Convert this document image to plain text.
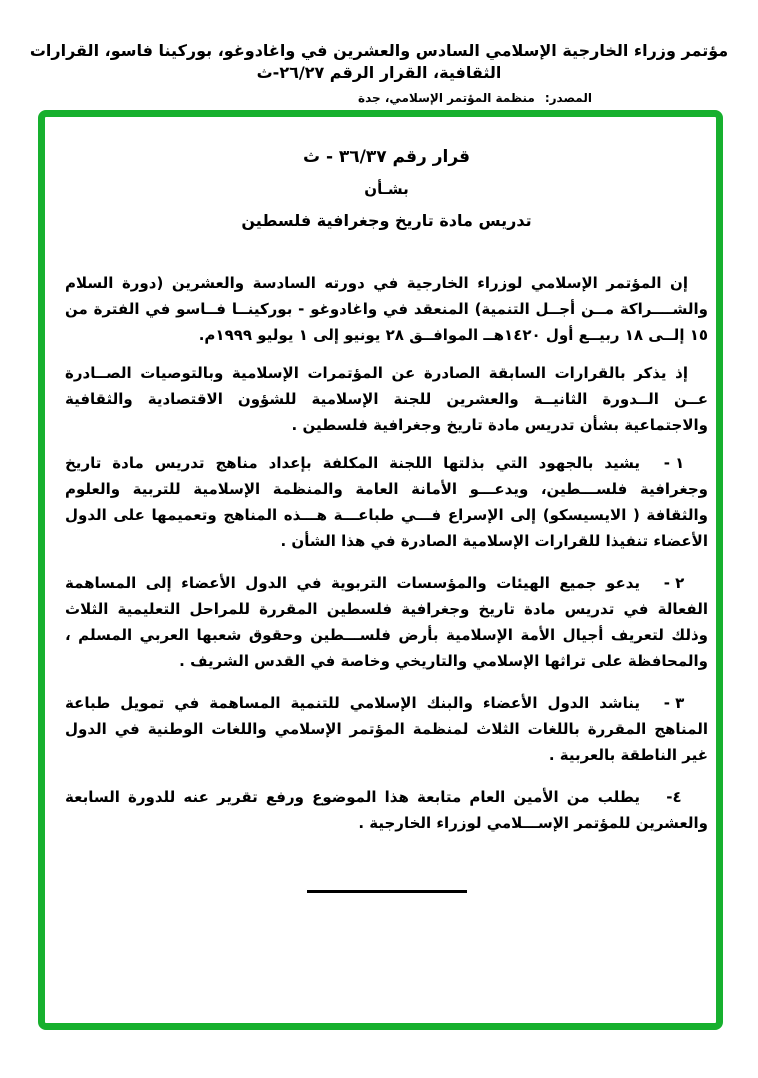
مؤتمر وزراء الخارجية الإسلامي السادس والعشرين في واغادوغو، بوركينا فاسو، القرارات الثقافية، القرار الرقم ٢٦/٢٧-ث
المصدر:منظمة المؤتمر الإسلامي، جدة
قرار رقم ٣٦/٣٧ - ث
بشـأن
تدريس مادة تاريخ وجغرافية فلسطين

إن المؤتمر الإسلامي لوزراء الخارجية في دورته السادسة والعشرين (دورة السلام والشــــراكة مــن أجــل التنمية) المنعقد في واغادوغو - بوركينــا فــاسو في الفترة من ١٥ إلــى ١٨ ربيــع أول ١٤٢٠هــ الموافــق ٢٨ يونيو إلى ١ يوليو ١٩٩٩م.

إذ يذكر بالقرارات السابقة الصادرة عن المؤتمرات الإسلامية وبالتوصيات الصــادرة عــن الــدورة الثانيــة والعشرين للجنة الإسلامية للشؤون الاقتصادية والثقافية والاجتماعية بشأن تدريس مادة تاريخ وجغرافية فلسطين .

١ -يشيد بالجهود التي بذلتها اللجنة المكلفة بإعداد مناهج تدريس مادة تاريخ وجغرافية فلســـطين، ويدعـــو الأمانة العامة والمنظمة الإسلامية للتربية والعلوم والثقافة ( الايسيسكو) إلى الإسراع فـــي طباعـــة هـــذه المناهج وتعميمها على الدول الأعضاء تنفيذا للقرارات الإسلامية الصادرة في هذا الشأن .
٢ -يدعو جميع الهيئات والمؤسسات التربوية في الدول الأعضاء إلى المساهمة الفعالة في تدريس مادة تاريخ وجغرافية فلسطين المقررة للمراحل التعليمية الثلاث وذلك لتعريف أجيال الأمة الإسلامية بأرض فلســـطين وحقوق شعبها العربي المسلم ، والمحافظة على تراثها الإسلامي والتاريخي وخاصة في القدس الشريف .
٣ -يناشد الدول الأعضاء والبنك الإسلامي للتنمية المساهمة في تمويل طباعة المناهج المقررة باللغات الثلاث لمنظمة المؤتمر الإسلامي واللغات الوطنية في الدول غير الناطقة بالعربية .
٤-يطلب من الأمين العام متابعة هذا الموضوع ورفع تقرير عنه للدورة السابعة والعشرين للمؤتمر الإســـلامي لوزراء الخارجية .
